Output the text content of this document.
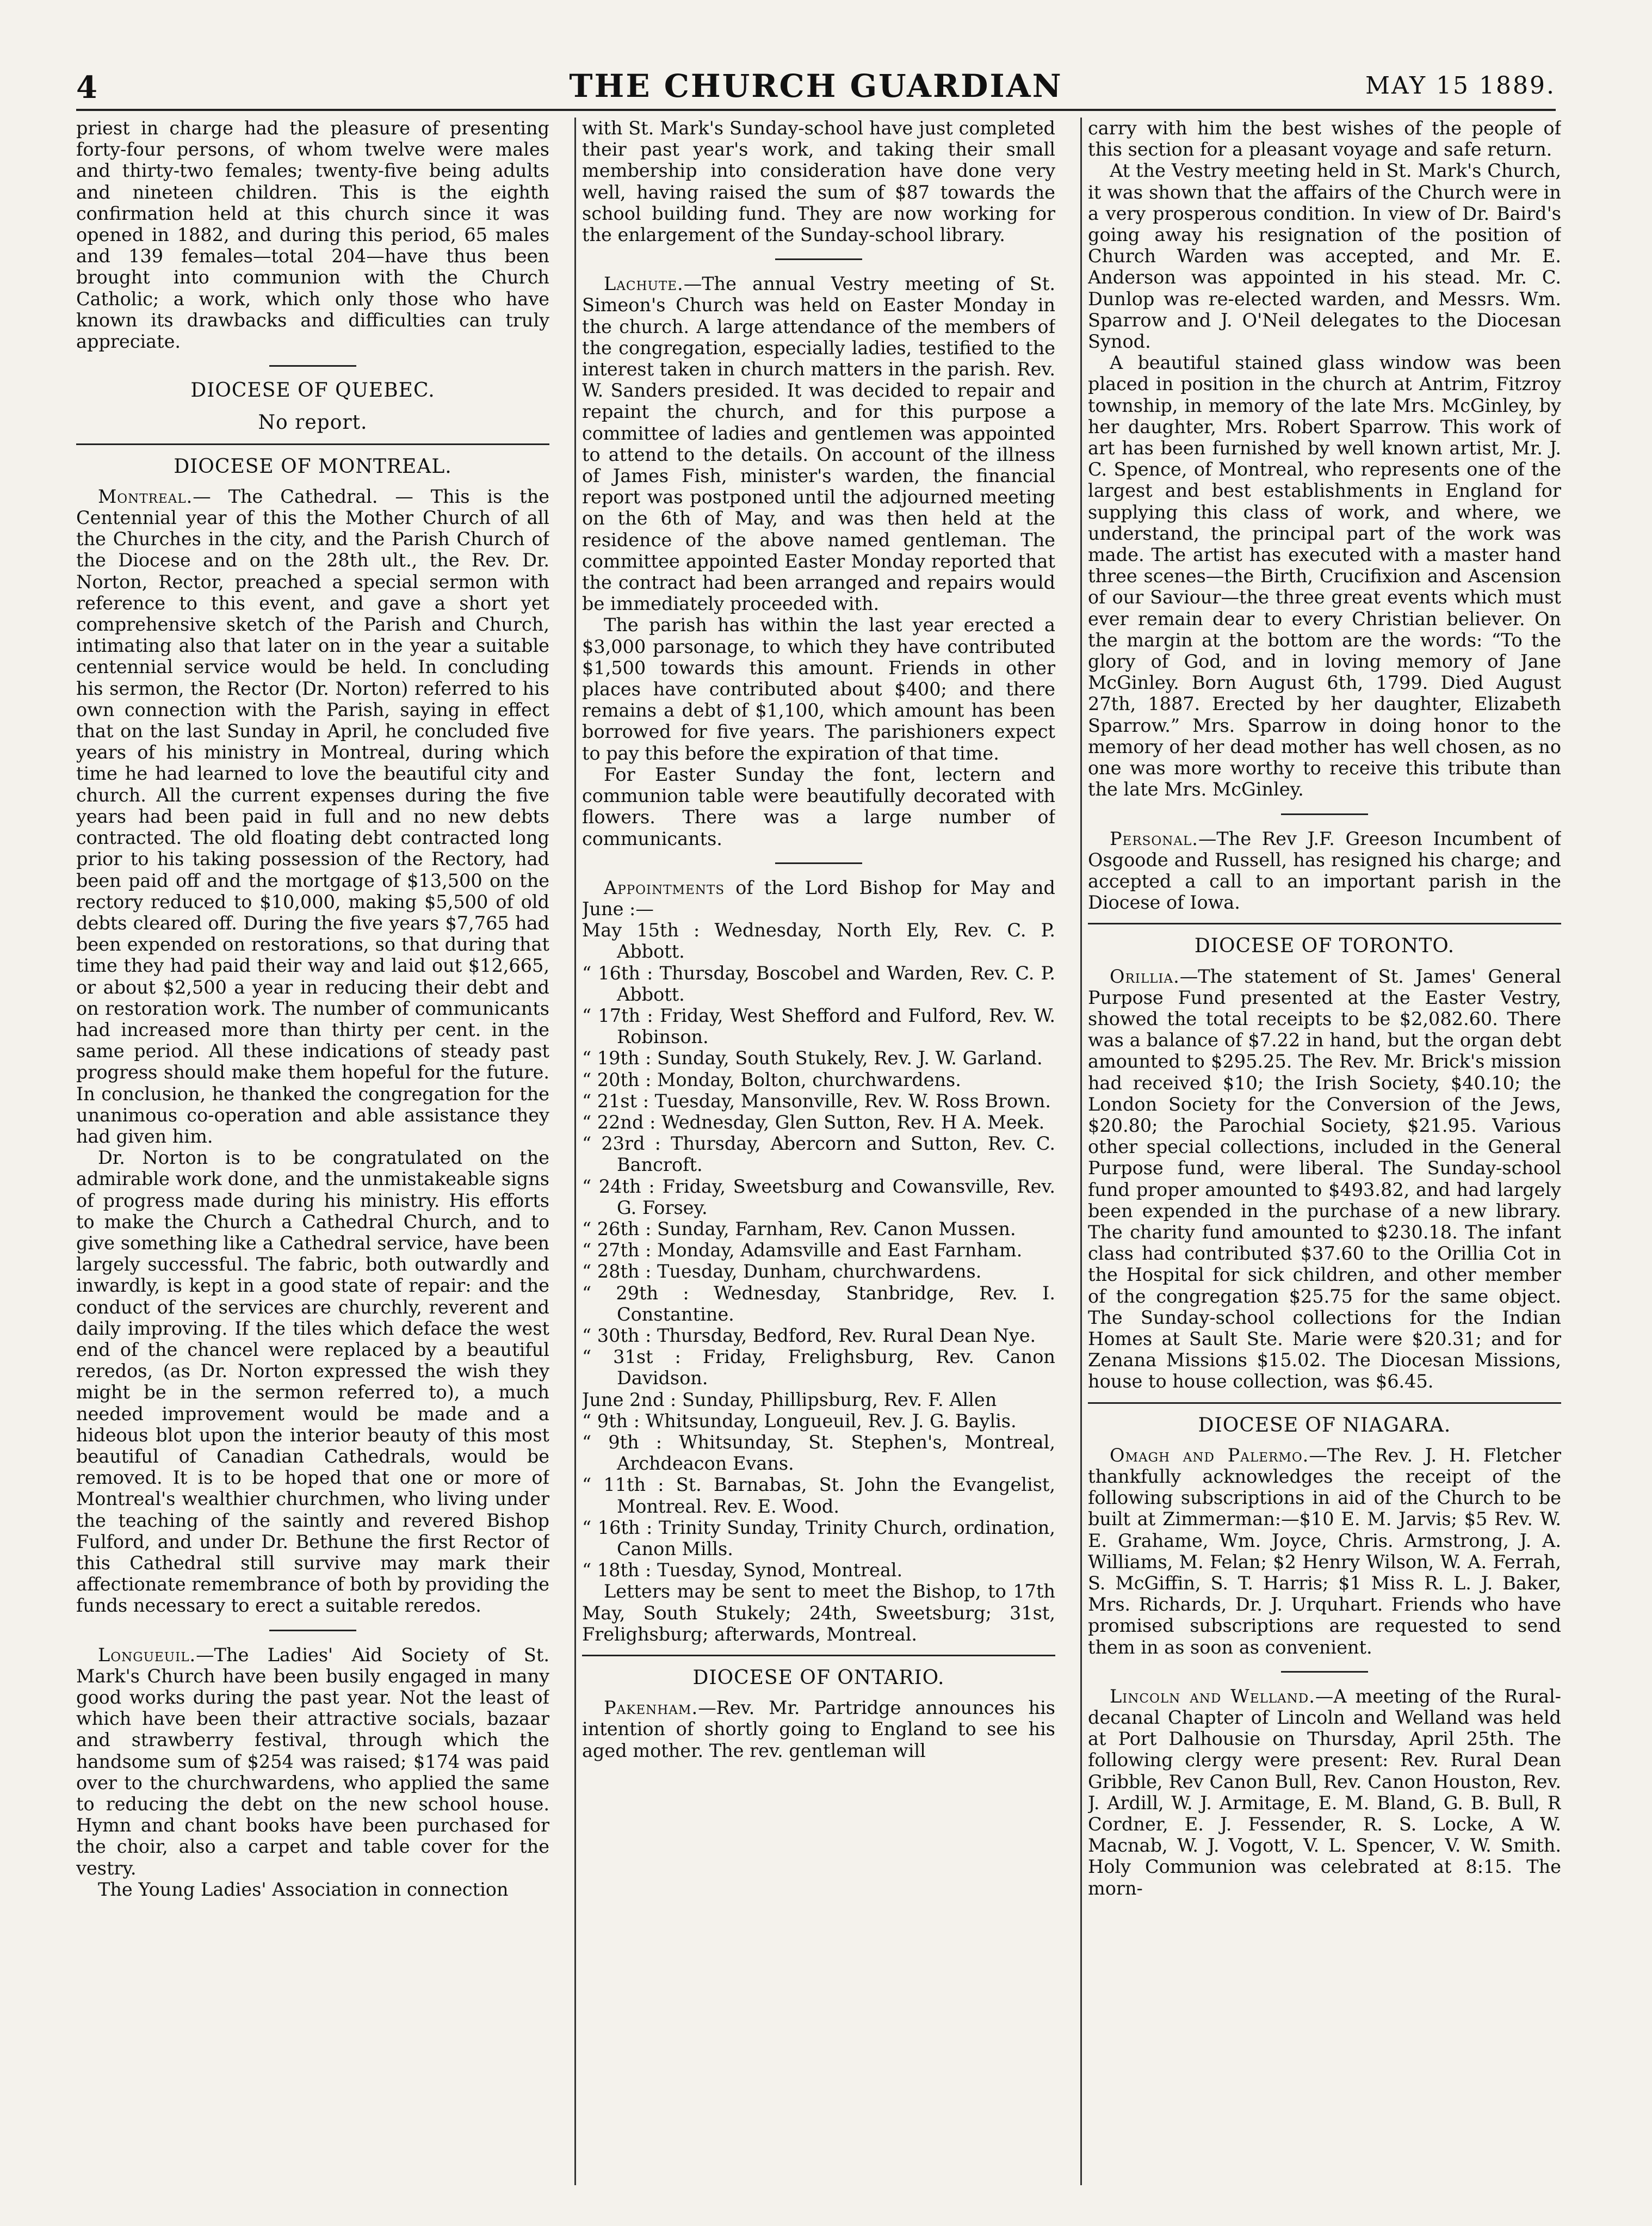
4	THE CHURCH GUARDIAN	MAY 15 1889.

priest in charge had the pleasure of presenting forty-four persons, of whom twelve were males and thirty-two females; twenty-five being adults and nineteen children. This is the eighth confirmation held at this church since it was opened in 1882, and during this period, 65 males and 139 females—total 204—have thus been brought into communion with the Church Catholic; a work, which only those who have known its drawbacks and difficulties can truly appreciate.

DIOCESE OF QUEBEC.
No report.
DIOCESE OF MONTREAL.

Montreal.— The Cathedral. — This is the Centennial year of this the Mother Church of all the Churches in the city, and the Parish Church of the Diocese and on the 28th ult., the Rev. Dr. Norton, Rector, preached a special sermon with reference to this event, and gave a short yet comprehensive sketch of the Parish and Church, intimating also that later on in the year a suitable centennial service would be held. In concluding his sermon, the Rector (Dr. Norton) referred to his own connection with the Parish, saying in effect that on the last Sunday in April, he concluded five years of his ministry in Montreal, during which time he had learned to love the beautiful city and church. All the current expenses during the five years had been paid in full and no new debts contracted. The old floating debt contracted long prior to his taking possession of the Rectory, had been paid off and the mortgage of $13,500 on the rectory reduced to $10,000, making $5,500 of old debts cleared off. During the five years $7,765 had been expended on restorations, so that during that time they had paid their way and laid out $12,665, or about $2,500 a year in reducing their debt and on restoration work. The number of communicants had increased more than thirty per cent. in the same period. All these indications of steady past progress should make them hopeful for the future. In conclusion, he thanked the congregation for the unanimous co-operation and able assistance they had given him.

Dr. Norton is to be congratulated on the admirable work done, and the unmistakeable signs of progress made during his ministry. His efforts to make the Church a Cathedral Church, and to give something like a Cathedral service, have been largely successful. The fabric, both outwardly and inwardly, is kept in a good state of repair: and the conduct of the services are churchly, reverent and daily improving. If the tiles which deface the west end of the chancel were replaced by a beautiful reredos, (as Dr. Norton expressed the wish they might be in the sermon referred to), a much needed improvement would be made and a hideous blot upon the interior beauty of this most beautiful of Canadian Cathedrals, would be removed. It is to be hoped that one or more of Montreal's wealthier churchmen, who living under the teaching of the saintly and revered Bishop Fulford, and under Dr. Bethune the first Rector of this Cathedral still survive may mark their affectionate remembrance of both by providing the funds necessary to erect a suitable reredos.

Longueuil.—The Ladies' Aid Society of St. Mark's Church have been busily engaged in many good works during the past year. Not the least of which have been their attractive socials, bazaar and strawberry festival, through which the handsome sum of $254 was raised; $174 was paid over to the churchwardens, who applied the same to reducing the debt on the new school house. Hymn and chant books have been purchased for the choir, also a carpet and table cover for the vestry.

The Young Ladies' Association in connection

with St. Mark's Sunday-school have just completed their past year's work, and taking their small membership into consideration have done very well, having raised the sum of $87 towards the school building fund. They are now working for the enlargement of the Sunday-school library.

Lachute.—The annual Vestry meeting of St. Simeon's Church was held on Easter Monday in the church. A large attendance of the members of the congregation, especially ladies, testified to the interest taken in church matters in the parish. Rev. W. Sanders presided. It was decided to repair and repaint the church, and for this purpose a committee of ladies and gentlemen was appointed to attend to the details. On account of the illness of James Fish, minister's warden, the financial report was postponed until the adjourned meeting on the 6th of May, and was then held at the residence of the above named gentleman. The committee appointed Easter Monday reported that the contract had been arranged and repairs would be immediately proceeded with.

The parish has within the last year erected a $3,000 parsonage, to which they have contributed $1,500 towards this amount. Friends in other places have contributed about $400; and there remains a debt of $1,100, which amount has been borrowed for five years. The parishioners expect to pay this before the expiration of that time.

For Easter Sunday the font, lectern and communion table were beautifully decorated with flowers. There was a large number of communicants.

Appointments of the Lord Bishop for May and June :—

May 15th : Wednesday, North Ely, Rev. C. P. Abbott.

“ 16th : Thursday, Boscobel and Warden, Rev. C. P. Abbott.

“ 17th : Friday, West Shefford and Fulford, Rev. W. Robinson.

“ 19th : Sunday, South Stukely, Rev. J. W. Garland.

“ 20th : Monday, Bolton, churchwardens.

“ 21st : Tuesday, Mansonville, Rev. W. Ross Brown.

“ 22nd : Wednesday, Glen Sutton, Rev. H A. Meek.

“ 23rd : Thursday, Abercorn and Sutton, Rev. C. Bancroft.

“ 24th : Friday, Sweetsburg and Cowansville, Rev. G. Forsey.

“ 26th : Sunday, Farnham, Rev. Canon Mussen.

“ 27th : Monday, Adamsville and East Farnham.

“ 28th : Tuesday, Dunham, churchwardens.

“ 29th : Wednesday, Stanbridge, Rev. I. Constantine.

“ 30th : Thursday, Bedford, Rev. Rural Dean Nye.

“ 31st : Friday, Frelighsburg, Rev. Canon Davidson.

June 2nd : Sunday, Phillipsburg, Rev. F. Allen

“ 9th : Whitsunday, Longueuil, Rev. J. G. Baylis.

“ 9th : Whitsunday, St. Stephen's, Montreal, Archdeacon Evans.

“ 11th : St. Barnabas, St. John the Evangelist, Montreal. Rev. E. Wood.

“ 16th : Trinity Sunday, Trinity Church, ordination, Canon Mills.

“ 18th : Tuesday, Synod, Montreal.

Letters may be sent to meet the Bishop, to 17th May, South Stukely; 24th, Sweetsburg; 31st, Frelighsburg; afterwards, Montreal.

DIOCESE OF ONTARIO.

Pakenham.—Rev. Mr. Partridge announces his intention of shortly going to England to see his aged mother. The rev. gentleman will

carry with him the best wishes of the people of this section for a pleasant voyage and safe return.

At the Vestry meeting held in St. Mark's Church, it was shown that the affairs of the Church were in a very prosperous condition. In view of Dr. Baird's going away his resignation of the position of Church Warden was accepted, and Mr. E. Anderson was appointed in his stead. Mr. C. Dunlop was re-elected warden, and Messrs. Wm. Sparrow and J. O'Neil delegates to the Diocesan Synod.

A beautiful stained glass window was been placed in position in the church at Antrim, Fitzroy township, in memory of the late Mrs. McGinley, by her daughter, Mrs. Robert Sparrow. This work of art has been furnished by well known artist, Mr. J. C. Spence, of Montreal, who represents one of the largest and best establishments in England for supplying this class of work, and where, we understand, the principal part of the work was made. The artist has executed with a master hand three scenes—the Birth, Crucifixion and Ascension of our Saviour—the three great events which must ever remain dear to every Christian believer. On the margin at the bottom are the words: “To the glory of God, and in loving memory of Jane McGinley. Born August 6th, 1799. Died August 27th, 1887. Erected by her daughter, Elizabeth Sparrow.” Mrs. Sparrow in doing honor to the memory of her dead mother has well chosen, as no one was more worthy to receive this tribute than the late Mrs. McGinley.

Personal.—The Rev J.F. Greeson Incumbent of Osgoode and Russell, has resigned his charge; and accepted a call to an important parish in the Diocese of Iowa.

DIOCESE OF TORONTO.

Orillia.—The statement of St. James' General Purpose Fund presented at the Easter Vestry, showed the total receipts to be $2,082.60. There was a balance of $7.22 in hand, but the organ debt amounted to $295.25. The Rev. Mr. Brick's mission had received $10; the Irish Society, $40.10; the London Society for the Conversion of the Jews, $20.80; the Parochial Society, $21.95. Various other special collections, included in the General Purpose fund, were liberal. The Sunday-school fund proper amounted to $493.82, and had largely been expended in the purchase of a new library. The charity fund amounted to $230.18. The infant class had contributed $37.60 to the Orillia Cot in the Hospital for sick children, and other member of the congregation $25.75 for the same object. The Sunday-school collections for the Indian Homes at Sault Ste. Marie were $20.31; and for Zenana Missions $15.02. The Diocesan Missions, house to house collection, was $6.45.

DIOCESE OF NIAGARA.

Omagh and Palermo.—The Rev. J. H. Fletcher thankfully acknowledges the receipt of the following subscriptions in aid of the Church to be built at Zimmerman:—$10 E. M. Jarvis; $5 Rev. W. E. Grahame, Wm. Joyce, Chris. Armstrong, J. A. Williams, M. Felan; $2 Henry Wilson, W. A. Ferrah, S. McGiffin, S. T. Harris; $1 Miss R. L. J. Baker, Mrs. Richards, Dr. J. Urquhart. Friends who have promised subscriptions are requested to send them in as soon as convenient.

Lincoln and Welland.—A meeting of the Rural-decanal Chapter of Lincoln and Welland was held at Port Dalhousie on Thursday, April 25th. The following clergy were present: Rev. Rural Dean Gribble, Rev Canon Bull, Rev. Canon Houston, Rev. J. Ardill, W. J. Armitage, E. M. Bland, G. B. Bull, R Cordner, E. J. Fessender, R. S. Locke, A W. Macnab, W. J. Vogott, V. L. Spencer, V. W. Smith. Holy Communion was celebrated at 8:15. The morn-
